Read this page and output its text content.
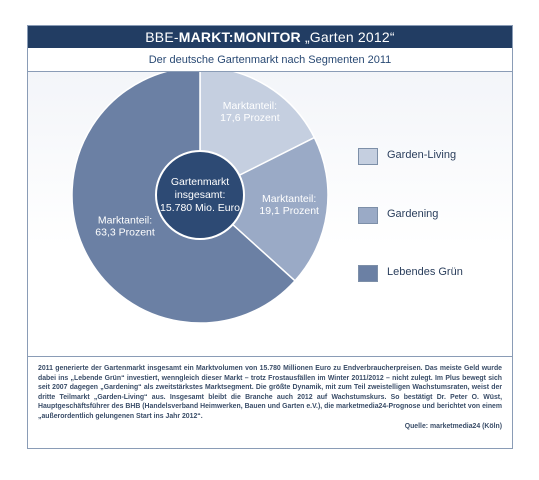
BBE-MARKT:MONITOR „Garten 2012“
Der deutsche Gartenmarkt nach Segmenten 2011
Marktanteil: 17,6 Prozent
Marktanteil: 19,1 Prozent
Marktanteil: 63,3 Prozent
Gartenmarkt insgesamt: 15.780 Mio. Euro
Garden-Living
Gardening
Lebendes Grün

2011 generierte der Gartenmarkt insgesamt ein Marktvolumen von 15.780 Millionen Euro zu Endverbraucherpreisen. Das meiste Geld wurde dabei ins „Lebende Grün“ investiert, wenngleich dieser Markt – trotz Frostausfällen im Winter 2011/2012 – nicht zulegt. Im Plus bewegt sich seit 2007 dagegen „Gardening“ als zweitstärkstes Marktsegment. Die größte Dynamik, mit zum Teil zweistelligen Wachstumsraten, weist der dritte Teilmarkt „Garden-Living“ aus. Insgesamt bleibt die Branche auch 2012 auf Wachstumskurs. So bestätigt Dr. Peter O. Wüst, Hauptgeschäftsführer des BHB (Handelsverband Heimwerken, Bauen und Garten e.V.), die marketmedia24-Prognose und berichtet von einem „außerordentlich gelungenen Start ins Jahr 2012“.

Quelle: marketmedia24 (Köln)
